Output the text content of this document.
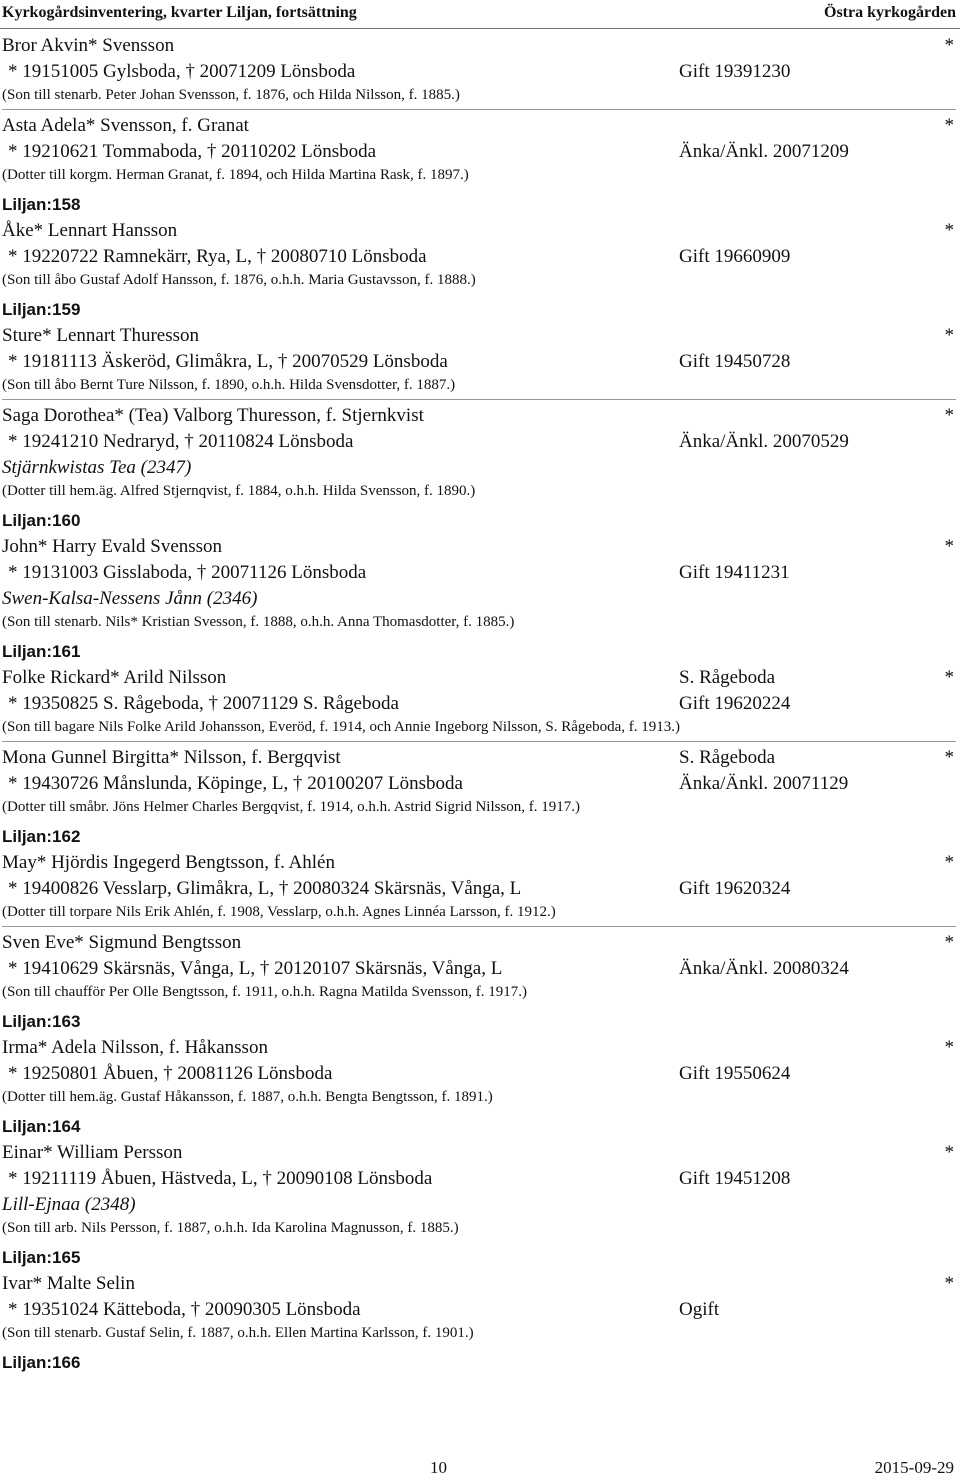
Kyrkogårdsinventering, kvarter Liljan, fortsättning	Östra kyrkogården
Bror Akvin* Svensson	*
* 19151005 Gylsboda, † 20071209 Lönsboda	Gift 19391230
(Son till stenarb. Peter Johan Svensson, f. 1876, och Hilda Nilsson, f. 1885.)
Asta Adela* Svensson, f. Granat	*
* 19210621 Tommaboda, † 20110202 Lönsboda	Änka/Änkl. 20071209
(Dotter till korgm. Herman Granat, f. 1894, och Hilda Martina Rask, f. 1897.)
Liljan:158
Åke* Lennart Hansson	*
* 19220722 Ramnekärr, Rya, L, † 20080710 Lönsboda	Gift 19660909
(Son till åbo Gustaf Adolf Hansson, f. 1876, o.h.h. Maria Gustavsson, f. 1888.)
Liljan:159
Sture* Lennart Thuresson	*
* 19181113 Äskeröd, Glimåkra, L, † 20070529 Lönsboda	Gift 19450728
(Son till åbo Bernt Ture Nilsson, f. 1890, o.h.h. Hilda Svensdotter, f. 1887.)
Saga Dorothea* (Tea) Valborg Thuresson, f. Stjernkvist	*
* 19241210 Nedraryd, † 20110824 Lönsboda	Änka/Änkl. 20070529
Stjärnkwistas Tea (2347)
(Dotter till hem.äg. Alfred Stjernqvist, f. 1884, o.h.h. Hilda Svensson, f. 1890.)
Liljan:160
John* Harry Evald Svensson	*
* 19131003 Gisslaboda, † 20071126 Lönsboda	Gift 19411231
Swen-Kalsa-Nessens Jånn (2346)
(Son till stenarb. Nils* Kristian Svesson, f. 1888, o.h.h. Anna Thomasdotter, f. 1885.)
Liljan:161
Folke Rickard* Arild Nilsson	S. Rågeboda	*
* 19350825 S. Rågeboda, † 20071129 S. Rågeboda	Gift 19620224
(Son till bagare Nils Folke Arild Johansson, Everöd, f. 1914, och Annie Ingeborg Nilsson, S. Rågeboda, f. 1913.)
Mona Gunnel Birgitta* Nilsson, f. Bergqvist	S. Rågeboda	*
* 19430726 Månslunda, Köpinge, L, † 20100207 Lönsboda	Änka/Änkl. 20071129
(Dotter till småbr. Jöns Helmer Charles Bergqvist, f. 1914, o.h.h. Astrid Sigrid Nilsson, f. 1917.)
Liljan:162
May* Hjördis Ingegerd Bengtsson, f. Ahlén	*
* 19400826 Vesslarp, Glimåkra, L, † 20080324 Skärsnäs, Vånga, L	Gift 19620324
(Dotter till torpare Nils Erik Ahlén, f. 1908, Vesslarp, o.h.h. Agnes Linnéa Larsson, f. 1912.)
Sven Eve* Sigmund Bengtsson	*
* 19410629 Skärsnäs, Vånga, L, † 20120107 Skärsnäs, Vånga, L	Änka/Änkl. 20080324
(Son till chaufför Per Olle Bengtsson, f. 1911, o.h.h. Ragna Matilda Svensson, f. 1917.)
Liljan:163
Irma* Adela Nilsson, f. Håkansson	*
* 19250801 Åbuen, † 20081126 Lönsboda	Gift 19550624
(Dotter till hem.äg. Gustaf Håkansson, f. 1887, o.h.h. Bengta Bengtsson, f. 1891.)
Liljan:164
Einar* William Persson	*
* 19211119 Åbuen, Hästveda, L, † 20090108 Lönsboda	Gift 19451208
Lill-Ejnaa (2348)
(Son till arb. Nils Persson, f. 1887, o.h.h. Ida Karolina Magnusson, f. 1885.)
Liljan:165
Ivar* Malte Selin	*
* 19351024 Kätteboda, † 20090305 Lönsboda	Ogift
(Son till stenarb. Gustaf Selin, f. 1887, o.h.h. Ellen Martina Karlsson, f. 1901.)
Liljan:166
10	2015-09-29
